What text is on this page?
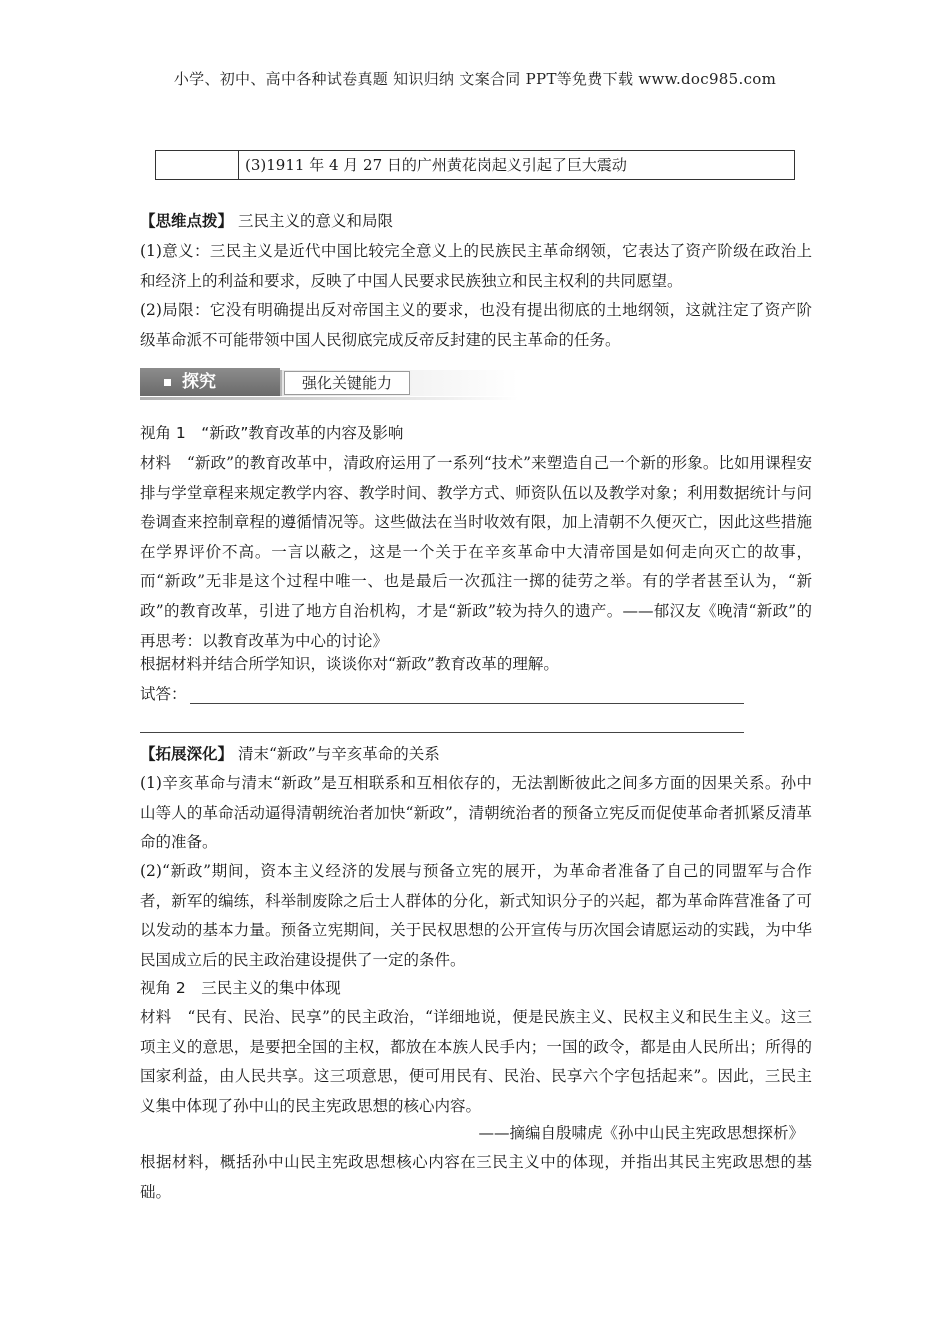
小学、初中、高中各种试卷真题 知识归纳 文案合同 PPT等免费下载 www.doc985.com
(3)1911 年 4 月 27 日的广州黄花岗起义引起了巨大震动

【思维点拨】 三民主义的意义和局限

(1)意义：三民主义是近代中国比较完全意义上的民族民主革命纲领，它表达了资产阶级在政治上和经济上的利益和要求，反映了中国人民要求民族独立和民主权利的共同愿望。

(2)局限：它没有明确提出反对帝国主义的要求，也没有提出彻底的土地纲领，这就注定了资产阶级革命派不可能带领中国人民彻底完成反帝反封建的民主革命的任务。

探究	强化关键能力

视角 1　“新政”教育改革的内容及影响

材料　“新政”的教育改革中，清政府运用了一系列“技术”来塑造自己一个新的形象。比如用课程安排与学堂章程来规定教学内容、教学时间、教学方式、师资队伍以及教学对象；利用数据统计与问卷调查来控制章程的遵循情况等。这些做法在当时收效有限，加上清朝不久便灭亡，因此这些措施在学界评价不高。一言以蔽之，这是一个关于在辛亥革命中大清帝国是如何走向灭亡的故事，而“新政”无非是这个过程中唯一、也是最后一次孤注一掷的徒劳之举。有的学者甚至认为，“新政”的教育改革，引进了地方自治机构，才是“新政”较为持久的遗产。——郁汉友《晚清“新政”的再思考：以教育改革为中心的讨论》

根据材料并结合所学知识，谈谈你对“新政”教育改革的理解。

试答：

【拓展深化】 清末“新政”与辛亥革命的关系

(1)辛亥革命与清末“新政”是互相联系和互相依存的，无法割断彼此之间多方面的因果关系。孙中山等人的革命活动逼得清朝统治者加快“新政”，清朝统治者的预备立宪反而促使革命者抓紧反清革命的准备。

(2)“新政”期间，资本主义经济的发展与预备立宪的展开，为革命者准备了自己的同盟军与合作者，新军的编练，科举制废除之后士人群体的分化，新式知识分子的兴起，都为革命阵营准备了可以发动的基本力量。预备立宪期间，关于民权思想的公开宣传与历次国会请愿运动的实践，为中华民国成立后的民主政治建设提供了一定的条件。

视角 2　三民主义的集中体现

材料　“民有、民治、民享”的民主政治，“详细地说，便是民族主义、民权主义和民生主义。这三项主义的意思，是要把全国的主权，都放在本族人民手内；一国的政令，都是由人民所出；所得的国家利益，由人民共享。这三项意思，便可用民有、民治、民享六个字包括起来”。因此，三民主义集中体现了孙中山的民主宪政思想的核心内容。

——摘编自殷啸虎《孙中山民主宪政思想探析》

根据材料，概括孙中山民主宪政思想核心内容在三民主义中的体现，并指出其民主宪政思想的基础。
